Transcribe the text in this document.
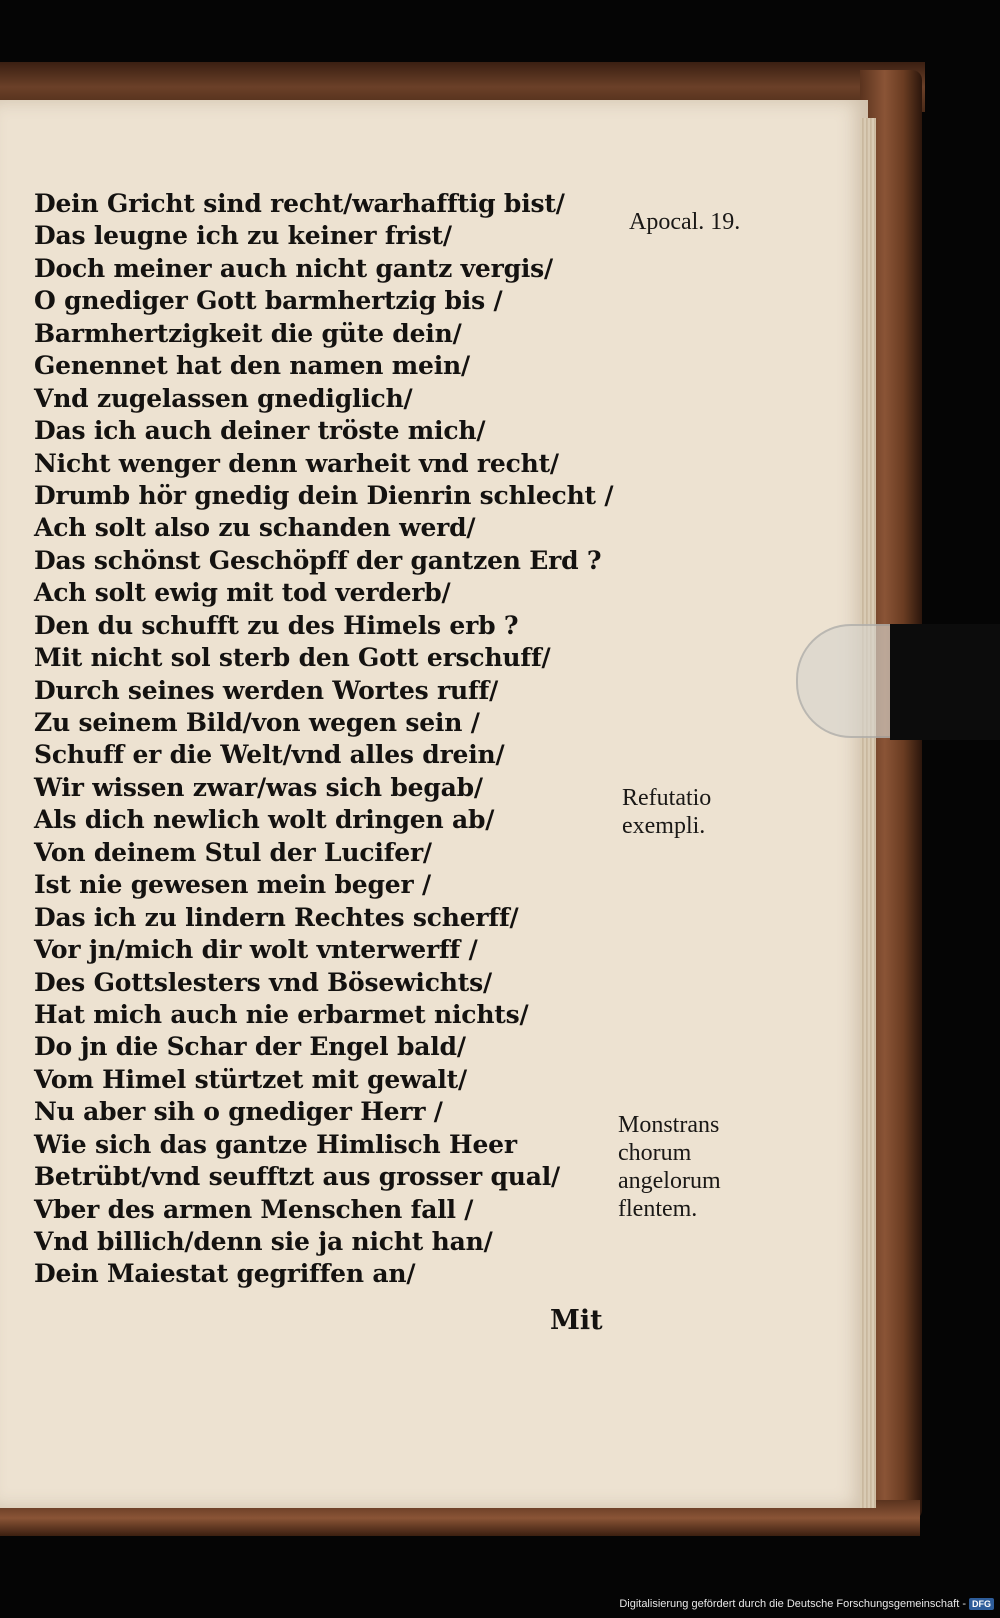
Dein Gricht sind recht/warhafftig bist/
Das leugne ich zu keiner frist/
Doch meiner auch nicht gantz vergis/
O gnediger Gott barmhertzig bis /
Barmhertzigkeit die güte dein/
Genennet hat den namen mein/
Vnd zugelassen gnediglich/
Das ich auch deiner tröste mich/
Nicht wenger denn warheit vnd recht/
Drumb hör gnedig dein Dienrin schlecht /
Ach solt also zu schanden werd/
Das schönst Geschöpff der gantzen Erd ?
Ach solt ewig mit tod verderb/
Den du schufft zu des Himels erb ?
Mit nicht sol sterb den Gott erschuff/
Durch seines werden Wortes ruff/
Zu seinem Bild/von wegen sein /
Schuff er die Welt/vnd alles drein/
Wir wissen zwar/was sich begab/
Als dich newlich wolt dringen ab/
Von deinem Stul der Lucifer/
Ist nie gewesen mein beger /
Das ich zu lindern Rechtes scherff/
Vor jn/mich dir wolt vnterwerff /
Des Gottslesters vnd Bösewichts/
Hat mich auch nie erbarmet nichts/
Do jn die Schar der Engel bald/
Vom Himel stürtzet mit gewalt/
Nu aber sih o gnediger Herr /
Wie sich das gantze Himlisch Heer
Betrübt/vnd seufftzt aus grosser qual/
Vber des armen Menschen fall /
Vnd billich/denn sie ja nicht han/
Dein Maiestat gegriffen an/
Apocal. 19.
Refutatio
exempli.
Monstrans
chorum
angelorum
flentem.
Mit
Digitalisierung gefördert durch die Deutsche Forschungsgemeinschaft - DFG
